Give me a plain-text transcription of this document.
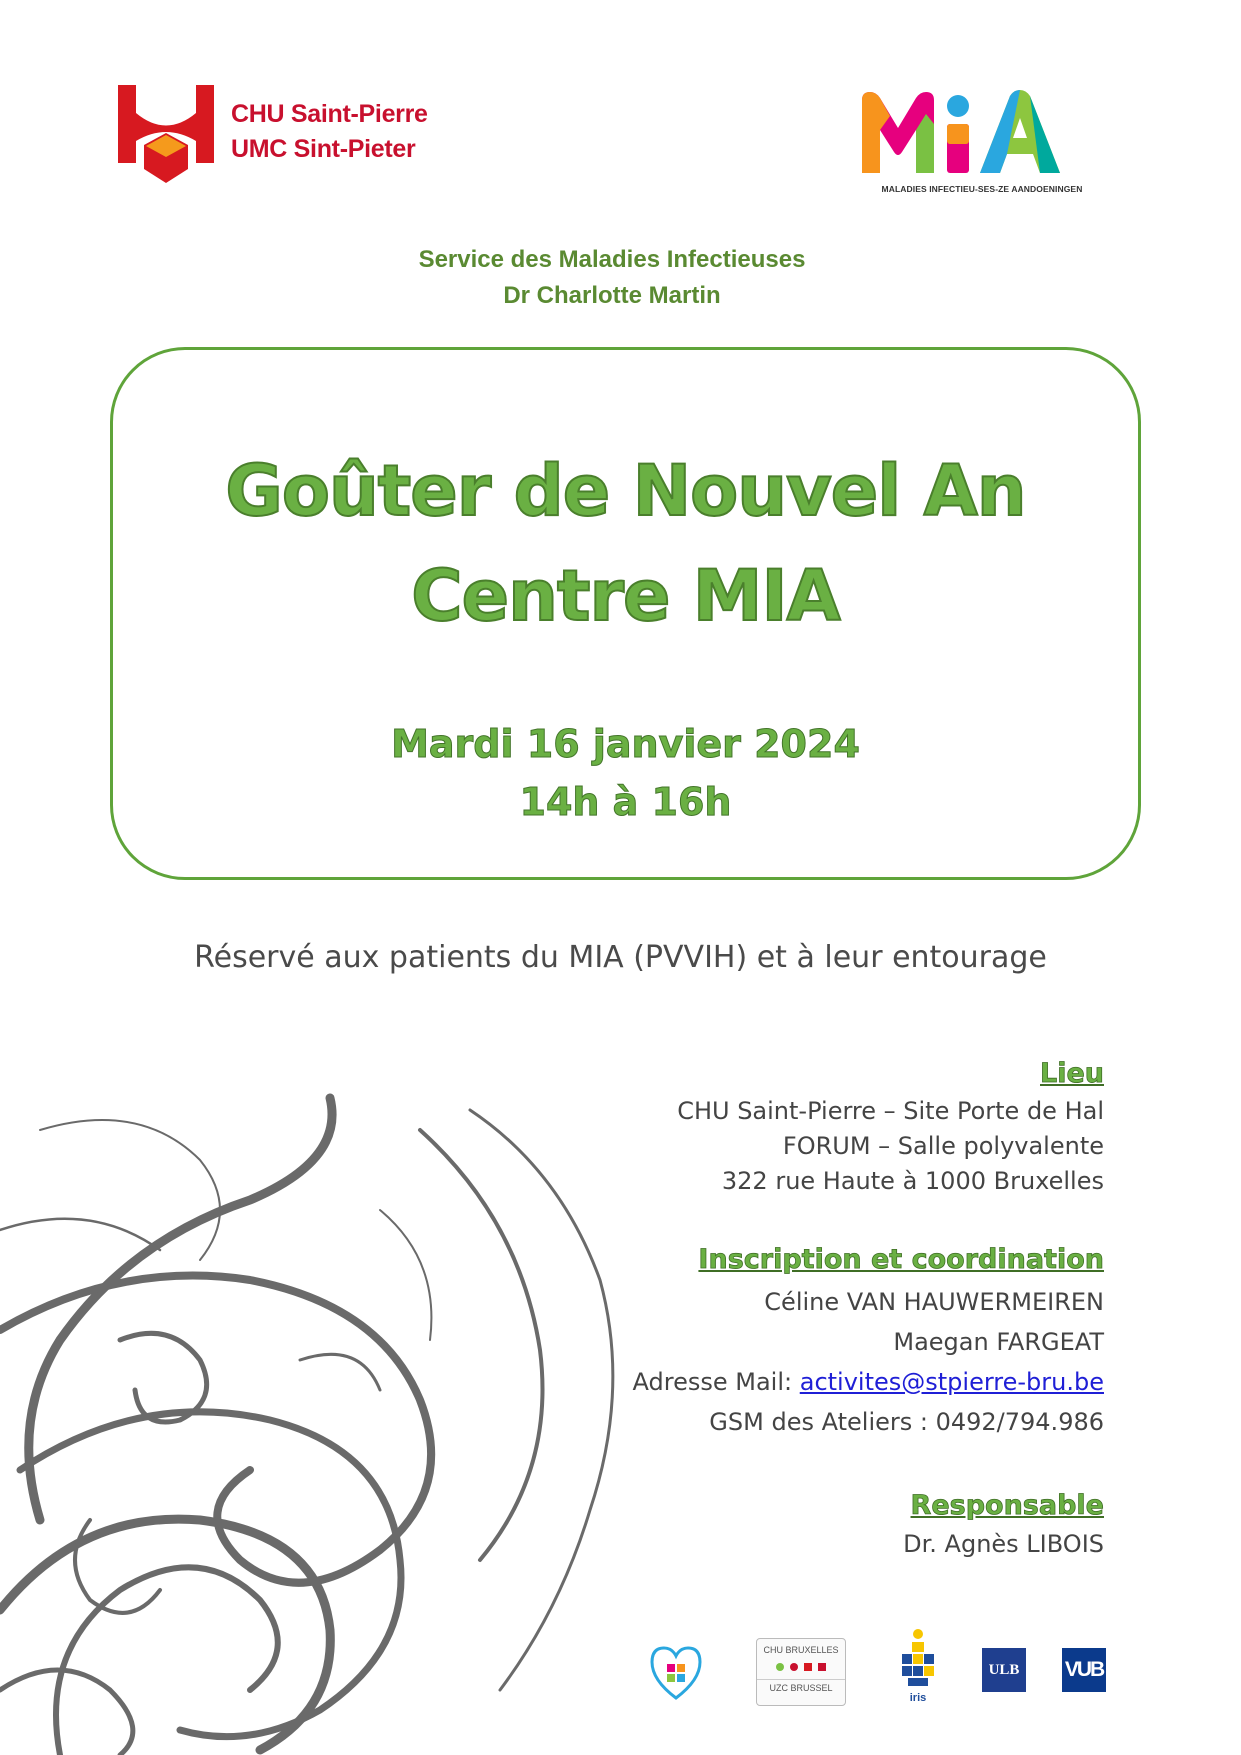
CHU Saint-Pierre
UMC Sint-Pieter
MALADIES INFECTIEU-SES-ZE AANDOENINGEN
Service des Maladies Infectieuses
Dr Charlotte Martin
Goûter de Nouvel An
Centre MIA
Mardi 16 janvier 2024
14h à 16h
Réservé aux patients du MIA (PVVIH) et à leur entourage
Lieu
CHU Saint-Pierre – Site Porte de Hal
FORUM – Salle polyvalente
322 rue Haute à 1000 Bruxelles
Inscription et coordination
Céline VAN HAUWERMEIREN
Maegan FARGEAT
Adresse Mail: activites@stpierre-bru.be
GSM des Ateliers : 0492/794.986
Responsable
Dr. Agnès LIBOIS
CHU BRUXELLES
UZC BRUSSEL
iris
ULB	VUB
